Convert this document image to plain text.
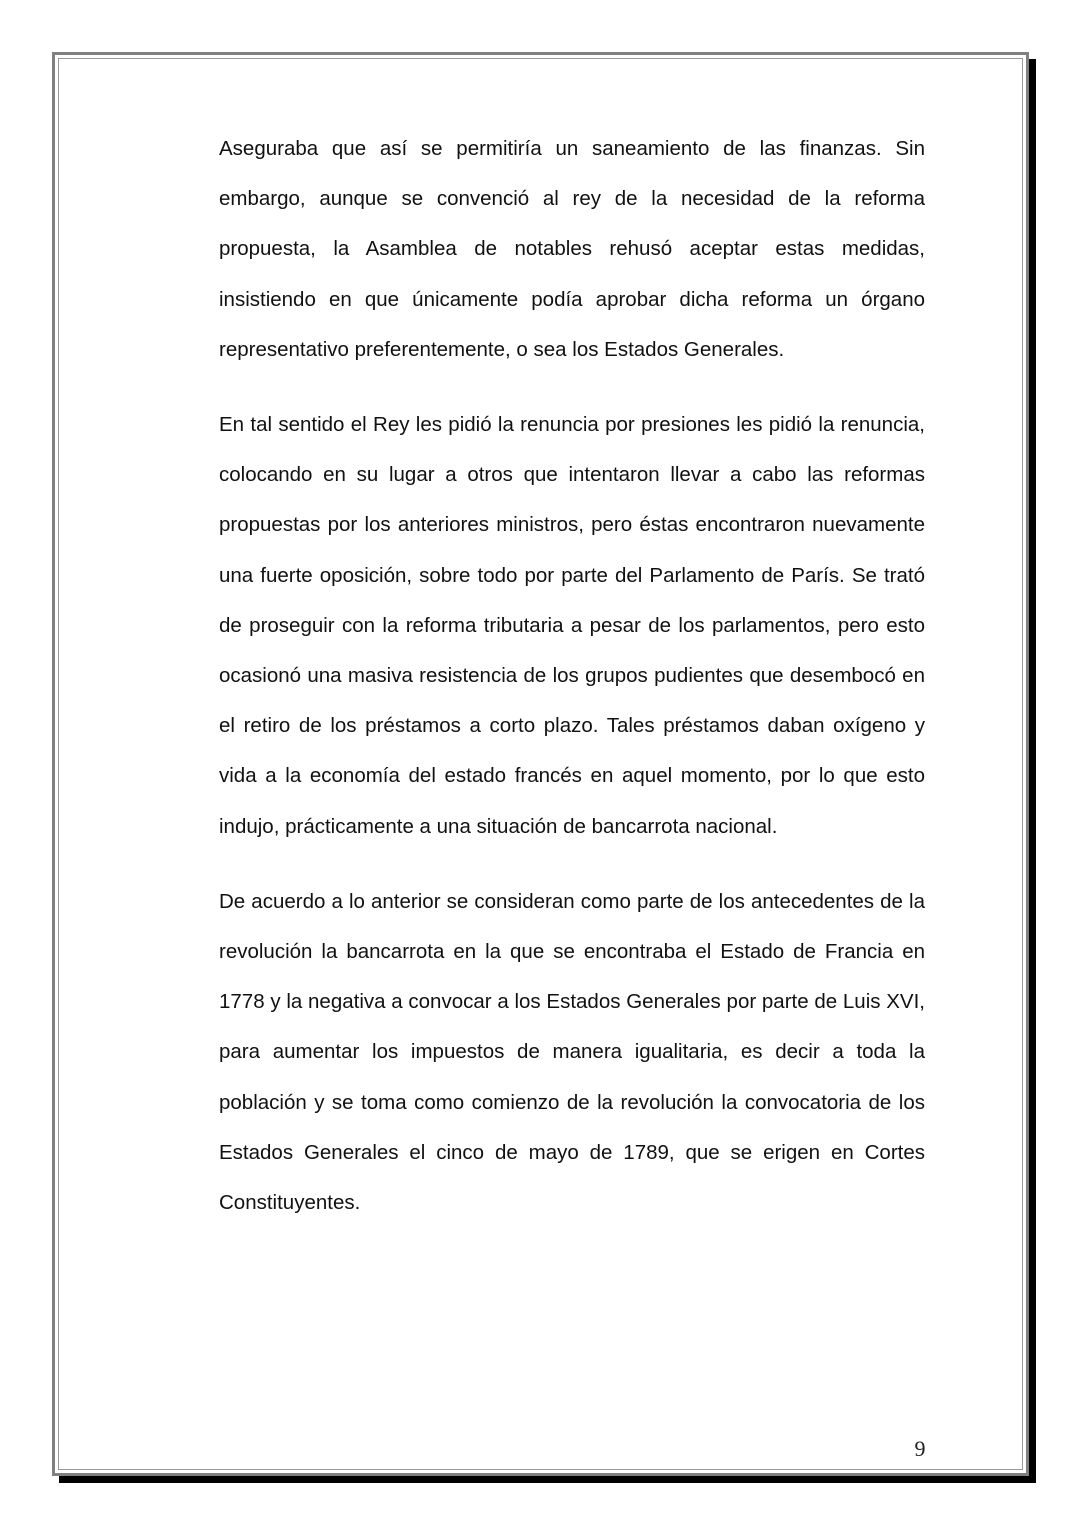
Aseguraba que así se permitiría un saneamiento de las finanzas. Sin embargo, aunque se convenció al rey de la necesidad de la reforma propuesta, la Asamblea de notables rehusó aceptar estas medidas, insistiendo en que únicamente podía aprobar dicha reforma un órgano representativo preferentemente, o sea los Estados Generales.

En tal sentido el Rey les pidió la renuncia por presiones les pidió la renuncia, colocando en su lugar a otros que intentaron llevar a cabo las reformas propuestas por los anteriores ministros, pero éstas encontraron nuevamente una fuerte oposición, sobre todo por parte del Parlamento de París. Se trató de proseguir con la reforma tributaria a pesar de los parlamentos, pero esto ocasionó una masiva resistencia de los grupos pudientes que desembocó en el retiro de los préstamos a corto plazo. Tales préstamos daban oxígeno y vida a la economía del estado francés en aquel momento, por lo que esto indujo, prácticamente a una situación de bancarrota nacional.

De acuerdo a lo anterior se consideran como parte de los antecedentes de la revolución la bancarrota en la que se encontraba el Estado de Francia en 1778 y la negativa a convocar a los Estados Generales por parte de Luis XVI, para aumentar los impuestos de manera igualitaria, es decir a toda la población y se toma como comienzo de la revolución la convocatoria de los Estados Generales el cinco de mayo de 1789, que se erigen en Cortes Constituyentes.

9
